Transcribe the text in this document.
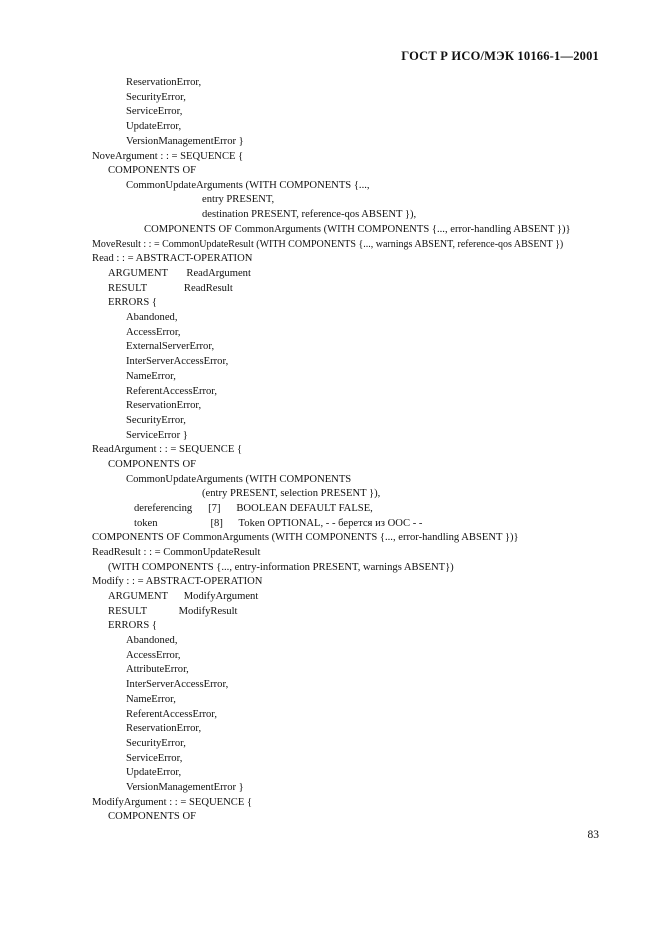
ГОСТ Р ИСО/МЭК 10166-1—2001
ReservationError,
SecurityError,
ServiceError,
UpdateError,
VersionManagementError }
NoveArgument : : = SEQUENCE {
COMPONENTS OF
CommonUpdateArguments (WITH COMPONENTS {...,
entry PRESENT,
destination PRESENT, reference-qos ABSENT }),
COMPONENTS OF CommonArguments (WITH COMPONENTS {..., error-handling ABSENT })}
MoveResult : : = CommonUpdateResult (WITH COMPONENTS {..., warnings ABSENT, reference-qos ABSENT })
Read : : = ABSTRACT-OPERATION
ARGUMENT       ReadArgument
RESULT              ReadResult
ERRORS {
Abandoned,
AccessError,
ExternalServerError,
InterServerAccessError,
NameError,
ReferentAccessError,
ReservationError,
SecurityError,
ServiceError }
ReadArgument : : = SEQUENCE {
COMPONENTS OF
CommonUpdateArguments (WITH COMPONENTS
(entry PRESENT, selection PRESENT }),
dereferencing      [7]      BOOLEAN DEFAULT FALSE,
token                    [8]      Token OPTIONAL, - - берется из ООС - -
COMPONENTS OF CommonArguments (WITH COMPONENTS {..., error-handling ABSENT })}
ReadResult : : = CommonUpdateResult
(WITH COMPONENTS {..., entry-information PRESENT, warnings ABSENT})
Modify : : = ABSTRACT-OPERATION
ARGUMENT      ModifyArgument
RESULT            ModifyResult
ERRORS {
Abandoned,
AccessError,
AttributeError,
InterServerAccessError,
NameError,
ReferentAccessError,
ReservationError,
SecurityError,
ServiceError,
UpdateError,
VersionManagementError }
ModifyArgument : : = SEQUENCE {
COMPONENTS OF
83
